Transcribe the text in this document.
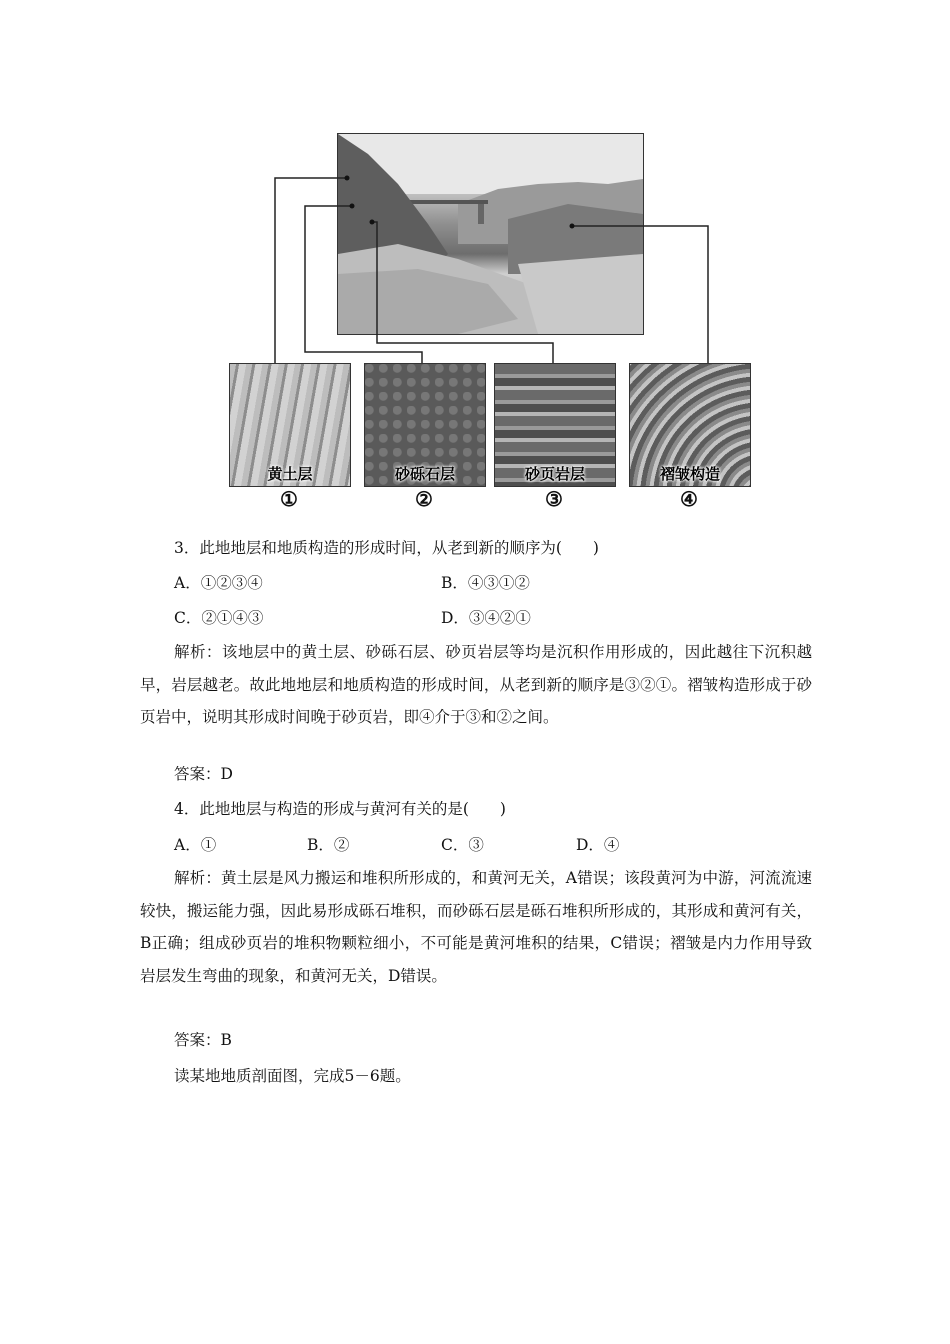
黄土层	砂砾石层	砂页岩层	褶皱构造
①	②	③	④
3．此地地层和地质构造的形成时间，从老到新的顺序为(　　)
A．①②③④	B．④③①②
C．②①④③	D．③④②①
解析：该地层中的黄土层、砂砾石层、砂页岩层等均是沉积作用形成的，因此越往下沉积越早，岩层越老。故此地地层和地质构造的形成时间，从老到新的顺序是③②①。褶皱构造形成于砂页岩中，说明其形成时间晚于砂页岩，即④介于③和②之间。
答案：D
4．此地地层与构造的形成与黄河有关的是(　　)
A．①	B．②	C．③	D．④
解析：黄土层是风力搬运和堆积所形成的，和黄河无关，A错误；该段黄河为中游，河流流速较快，搬运能力强，因此易形成砾石堆积，而砂砾石层是砾石堆积所形成的，其形成和黄河有关，B正确；组成砂页岩的堆积物颗粒细小，不可能是黄河堆积的结果，C错误；褶皱是内力作用导致岩层发生弯曲的现象，和黄河无关，D错误。
答案：B
读某地地质剖面图，完成5－6题。
